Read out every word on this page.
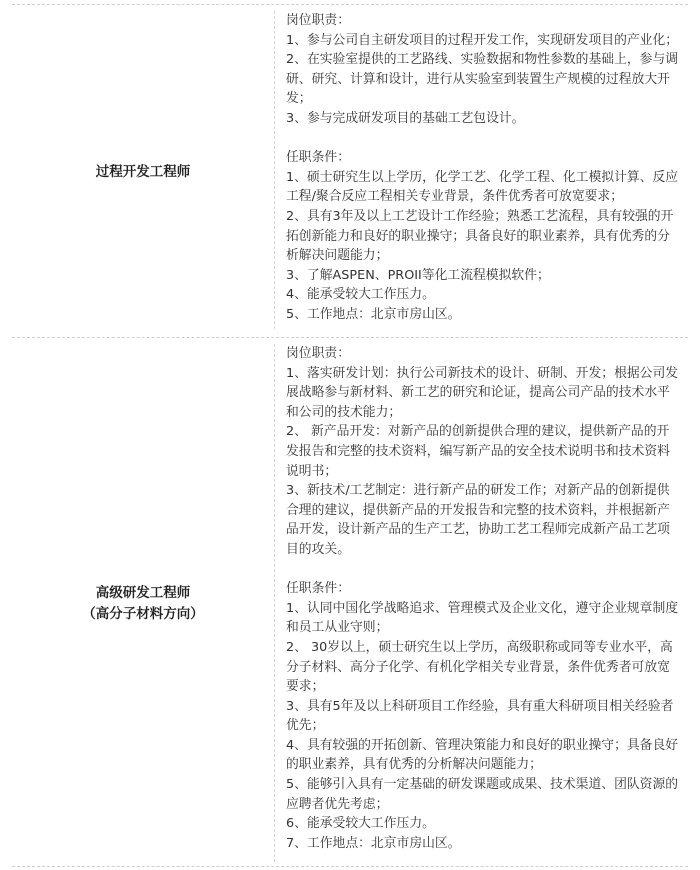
过程开发工程师
岗位职责：
1、参与公司自主研发项目的过程开发工作，实现研发项目的产业化；
2、在实验室提供的工艺路线、实验数据和物性参数的基础上，参与调
研、研究、计算和设计，进行从实验室到装置生产规模的过程放大开
发；
3、参与完成研发项目的基础工艺包设计。
任职条件：
1、硕士研究生以上学历，化学工艺、化学工程、化工模拟计算、反应
工程/聚合反应工程相关专业背景，条件优秀者可放宽要求；
2、具有3年及以上工艺设计工作经验；熟悉工艺流程，具有较强的开
拓创新能力和良好的职业操守；具备良好的职业素养，具有优秀的分
析解决问题能力；
3、了解ASPEN、PROII等化工流程模拟软件；
4、能承受较大工作压力。
5、工作地点：北京市房山区。
高级研发工程师
（高分子材料方向）
岗位职责：
1、落实研发计划：执行公司新技术的设计、研制、开发；根据公司发
展战略参与新材料、新工艺的研究和论证，提高公司产品的技术水平
和公司的技术能力；
2、 新产品开发：对新产品的创新提供合理的建议，提供新产品的开
发报告和完整的技术资料，编写新产品的安全技术说明书和技术资料
说明书；
3、新技术/工艺制定：进行新产品的研发工作；对新产品的创新提供
合理的建议，提供新产品的开发报告和完整的技术资料，并根据新产
品开发，设计新产品的生产工艺，协助工艺工程师完成新产品工艺项
目的攻关。
任职条件：
1、认同中国化学战略追求、管理模式及企业文化，遵守企业规章制度
和员工从业守则；
2、 30岁以上，硕士研究生以上学历，高级职称或同等专业水平，高
分子材料、高分子化学、有机化学相关专业背景，条件优秀者可放宽
要求；
3、具有5年及以上科研项目工作经验，具有重大科研项目相关经验者
优先；
4、具有较强的开拓创新、管理决策能力和良好的职业操守；具备良好
的职业素养，具有优秀的分析解决问题能力；
5、能够引入具有一定基础的研发课题或成果、技术渠道、团队资源的
应聘者优先考虑；
6、能承受较大工作压力。
7、工作地点：北京市房山区。
